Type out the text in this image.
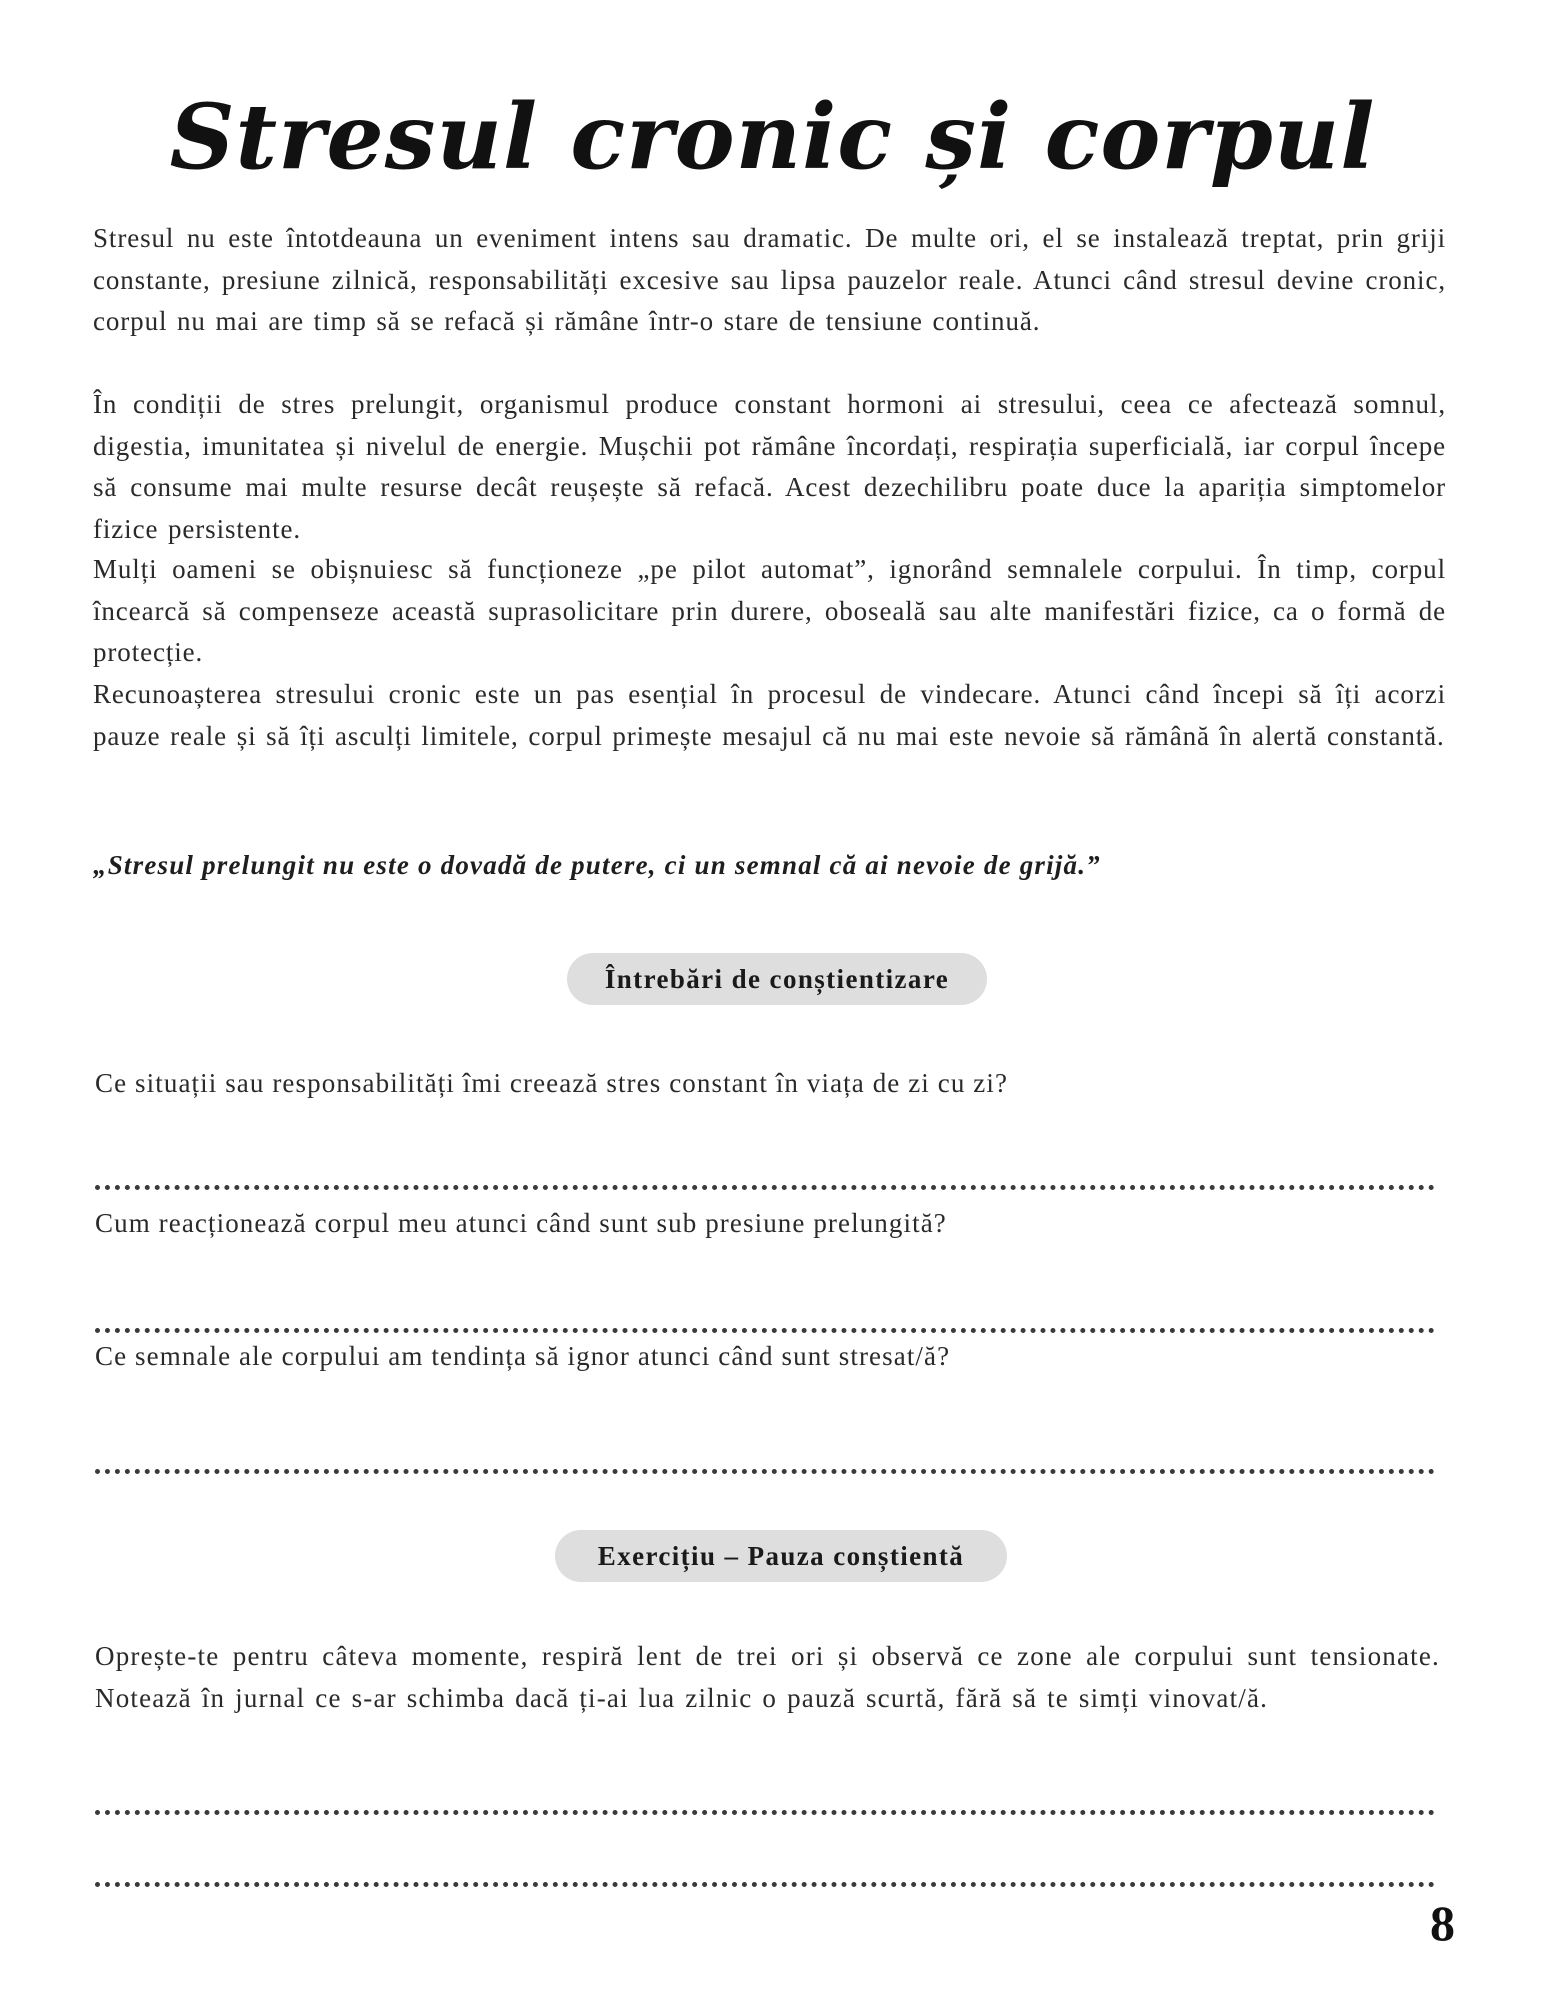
Stresul cronic și corpul

Stresul nu este întotdeauna un eveniment intens sau dramatic. De multe ori, el se instalează treptat, prin griji constante, presiune zilnică, responsabilități excesive sau lipsa pauzelor reale. Atunci când stresul devine cronic, corpul nu mai are timp să se refacă și rămâne într-o stare de tensiune continuă.

În condiții de stres prelungit, organismul produce constant hormoni ai stresului, ceea ce afectează somnul, digestia, imunitatea și nivelul de energie. Mușchii pot rămâne încordați, respirația superficială, iar corpul începe să consume mai multe resurse decât reușește să refacă. Acest dezechilibru poate duce la apariția simptomelor fizice persistente.

Mulți oameni se obișnuiesc să funcționeze „pe pilot automat”, ignorând semnalele corpului. În timp, corpul încearcă să compenseze această suprasolicitare prin durere, oboseală sau alte manifestări fizice, ca o formă de protecție.

Recunoașterea stresului cronic este un pas esențial în procesul de vindecare. Atunci când începi să îți acorzi pauze reale și să îți asculți limitele, corpul primește mesajul că nu mai este nevoie să rămână în alertă constantă.

„Stresul prelungit nu este o dovadă de putere, ci un semnal că ai nevoie de grijă.”

Întrebări de conștientizare

Ce situații sau responsabilități îmi creează stres constant în viața de zi cu zi?

Cum reacționează corpul meu atunci când sunt sub presiune prelungită?

Ce semnale ale corpului am tendința să ignor atunci când sunt stresat/ă?

Exercițiu – Pauza conștientă

Oprește-te pentru câteva momente, respiră lent de trei ori și observă ce zone ale corpului sunt tensionate. Notează în jurnal ce s-ar schimba dacă ți-ai lua zilnic o pauză scurtă, fără să te simți vinovat/ă.

8
